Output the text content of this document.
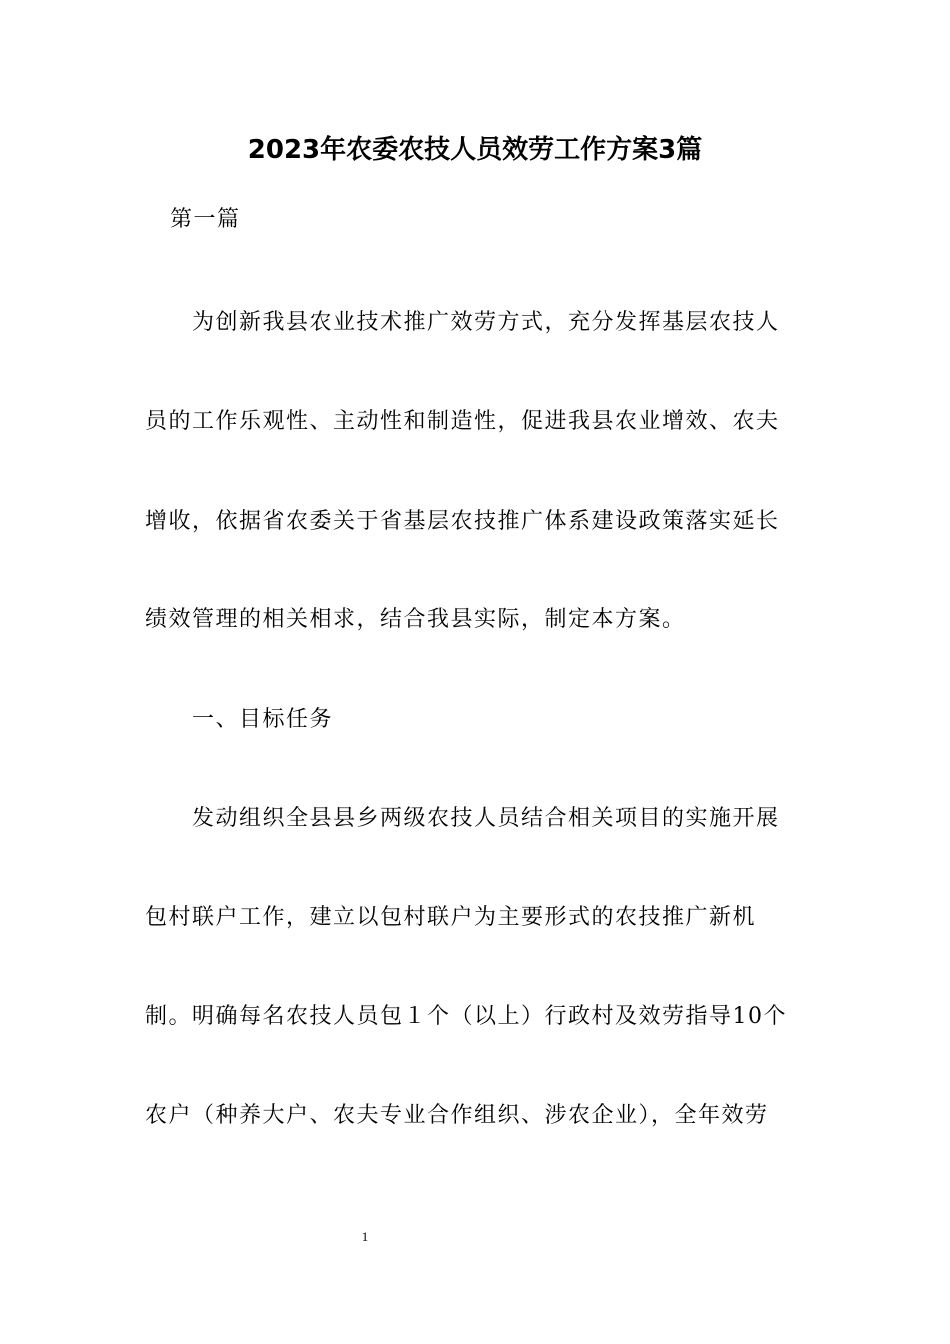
2023年农委农技人员效劳工作方案3篇
第一篇
为创新我县农业技术推广效劳方式，充分发挥基层农技人
员的工作乐观性、主动性和制造性，促进我县农业增效、农夫
增收，依据省农委关于省基层农技推广体系建设政策落实延长
绩效管理的相关相求，结合我县实际，制定本方案。
一、目标任务
发动组织全县县乡两级农技人员结合相关项目的实施开展
包村联户工作，建立以包村联户为主要形式的农技推广新机
制。明确每名农技人员包１个（以上）行政村及效劳指导10个
农户（种养大户、农夫专业合作组织、涉农企业），全年效劳
1
